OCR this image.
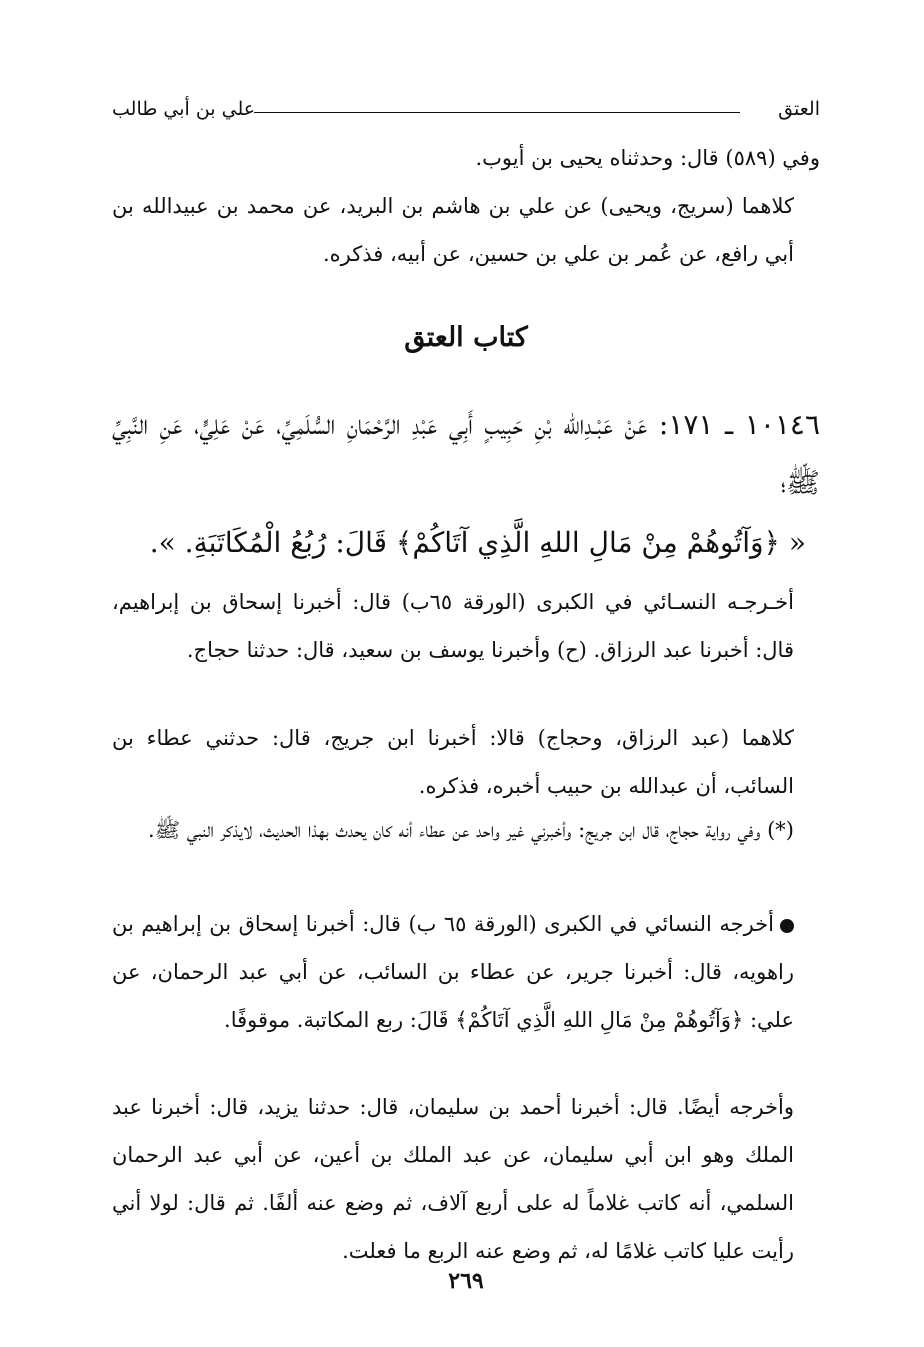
العتق
علي بن أبي طالب
وفي (٥٨٩) قال: وحدثناه يحيى بن أيوب.
كلاهما (سريج، ويحيى) عن علي بن هاشم بن البريد، عن محمد بن عبيدالله بن أبي رافع، عن عُمر بن علي بن حسين، عن أبيه، فذكره.
كتاب العتق
١٠١٤٦ ـ ١٧١: عَنْ عَبْـدِالله بْنِ حَبِيبٍ أَبِي عَبْدِ الرَّحْمَانِ السُّلَمِيِّ، عَنْ عَلِيٍّ، عَنِ النَّبِيِّ ﷺ؛
« ﴿وَآتُوهُمْ مِنْ مَالِ اللهِ الَّذِي آتَاكُمْ﴾ قَالَ: رُبُعُ الْمُكَاتَبَةِ. ».
أخـرجـه النسـائي في الكبرى (الورقة ٦٥ب) قال: أخبرنا إسحاق بن إبراهيم، قال: أخبرنا عبد الرزاق. (ح) وأخبرنا يوسف بن سعيد، قال: حدثنا حجاج.
كلاهما (عبد الرزاق، وحجاج) قالا: أخبرنا ابن جريج، قال: حدثني عطاء بن السائب، أن عبدالله بن حبيب أخبره، فذكره.
(*) وفي رواية حجاج، قال ابن جريج: وأخبرني غير واحد عن عطاء أنه كان يحدث بهذا الحديث، لايذكر النبي ﷺ.
أخرجه النسائي في الكبرى (الورقة ٦٥ ب) قال: أخبرنا إسحاق بن إبراهيم بن راهويه، قال: أخبرنا جرير، عن عطاء بن السائب، عن أبي عبد الرحمان، عن علي: ﴿وَآتُوهُمْ مِنْ مَالِ اللهِ الَّذِي آتَاكُمْ﴾ قَالَ: ربع المكاتبة. موقوفًا.
وأخرجه أيضًا. قال: أخبرنا أحمد بن سليمان، قال: حدثنا يزيد، قال: أخبرنا عبد الملك وهو ابن أبي سليمان، عن عبد الملك بن أعين، عن أبي عبد الرحمان السلمي، أنه كاتب غلاماً له على أربع آلاف، ثم وضع عنه ألفًا. ثم قال: لولا أني رأيت عليا كاتب غلامًا له، ثم وضع عنه الربع ما فعلت.
٢٦٩
